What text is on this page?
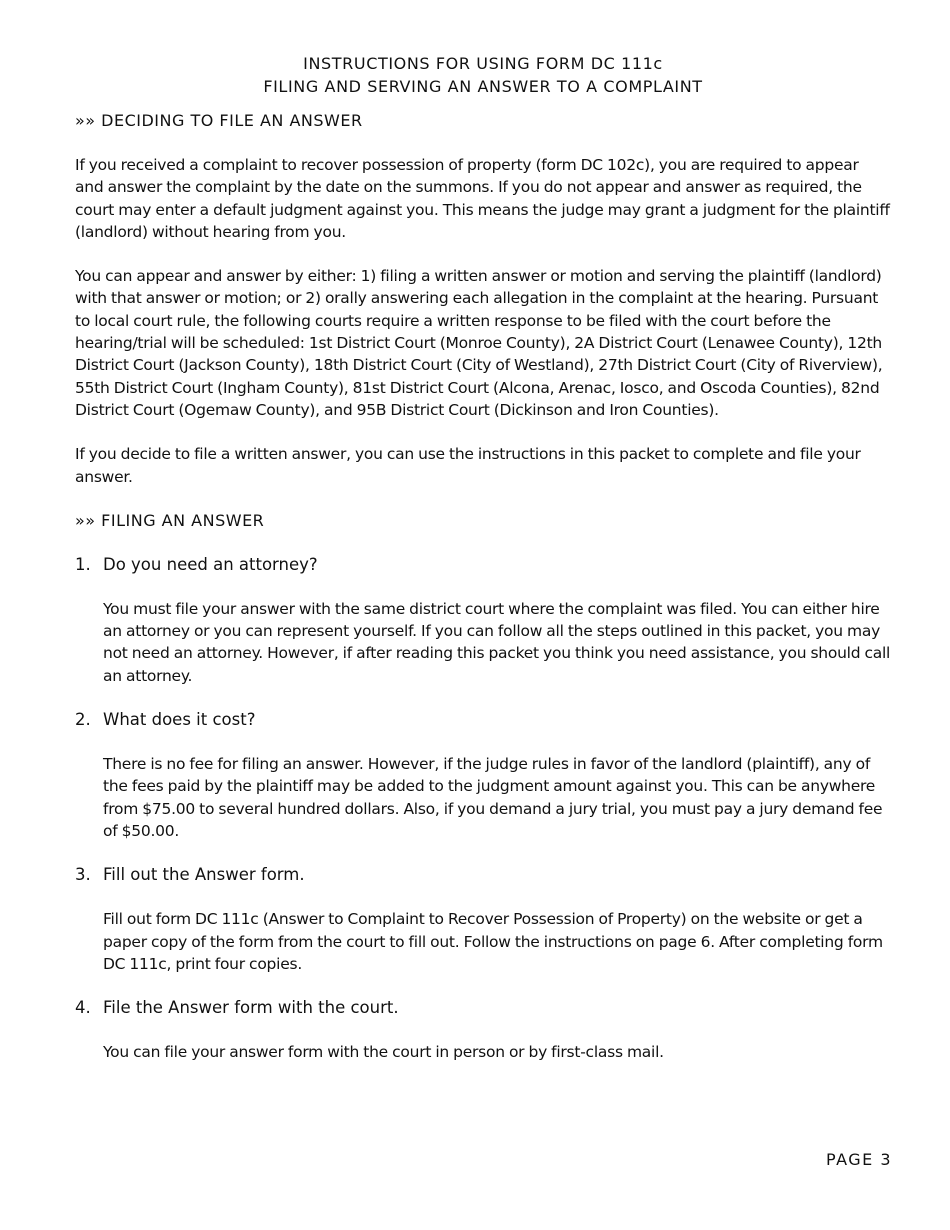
INSTRUCTIONS FOR USING FORM DC 111c

FILING AND SERVING AN ANSWER TO A COMPLAINT

»» DECIDING TO FILE AN ANSWER

If you received a complaint to recover possession of property (form DC 102c), you are required to appear and answer the complaint by the date on the summons. If you do not appear and answer as required, the court may enter a default judgment against you. This means the judge may grant a judgment for the plaintiff (landlord) without hearing from you.

You can appear and answer by either: 1) filing a written answer or motion and serving the plaintiff (landlord) with that answer or motion; or 2) orally answering each allegation in the complaint at the hearing. Pursuant to local court rule, the following courts require a written response to be filed with the court before the hearing/trial will be scheduled: 1st District Court (Monroe County), 2A District Court (Lenawee County), 12th District Court (Jackson County), 18th District Court (City of Westland), 27th District Court (City of Riverview), 55th District Court (Ingham County), 81st District Court (Alcona, Arenac, Iosco, and Oscoda Counties), 82nd District Court (Ogemaw County), and 95B District Court (Dickinson and Iron Counties).

If you decide to file a written answer, you can use the instructions in this packet to complete and file your answer.

»» FILING AN ANSWER

1. Do you need an attorney?

You must file your answer with the same district court where the complaint was filed. You can either hire an attorney or you can represent yourself. If you can follow all the steps outlined in this packet, you may not need an attorney. However, if after reading this packet you think you need assistance, you should call an attorney.

2. What does it cost?

There is no fee for filing an answer. However, if the judge rules in favor of the landlord (plaintiff), any of the fees paid by the plaintiff may be added to the judgment amount against you. This can be anywhere from $75.00 to several hundred dollars. Also, if you demand a jury trial, you must pay a jury demand fee of $50.00.

3. Fill out the Answer form.

Fill out form DC 111c (Answer to Complaint to Recover Possession of Property) on the website or get a paper copy of the form from the court to fill out. Follow the instructions on page 6. After completing form DC 111c, print four copies.

4. File the Answer form with the court.

You can file your answer form with the court in person or by first-class mail.

PAGE 3
